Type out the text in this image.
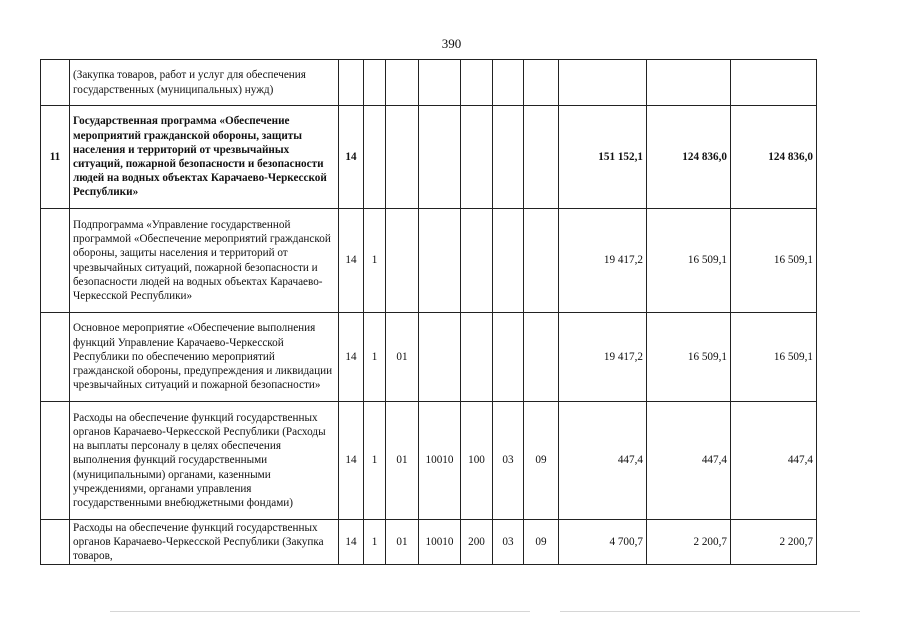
390
	(Закупка товаров, работ и услуг для обеспечения государственных (муниципальных) нужд)										
11	Государственная программа «Обеспечение мероприятий гражданской обороны, защиты населения и территорий от чрезвычайных ситуаций, пожарной безопасности и безопасности людей на водных объектах Карачаево-Черкесской Республики»	14							151 152,1	124 836,0	124 836,0
	Подпрограмма «Управление государственной программой «Обеспечение мероприятий гражданской обороны, защиты населения и территорий от чрезвычайных ситуаций, пожарной безопасности и безопасности людей на водных объектах Карачаево-Черкесской Республики»	14	1						19 417,2	16 509,1	16 509,1
	Основное мероприятие «Обеспечение выполнения функций Управление Карачаево-Черкесской Республики по обеспечению мероприятий гражданской обороны, предупреждения и ликвидации чрезвычайных ситуаций и пожарной безопасности»	14	1	01					19 417,2	16 509,1	16 509,1
	Расходы на обеспечение функций государственных органов Карачаево-Черкесской Республики (Расходы на выплаты персоналу в целях обеспечения выполнения функций государственными (муниципальными) органами, казенными учреждениями, органами управления государственными внебюджетными фондами)	14	1	01	10010	100	03	09	447,4	447,4	447,4
	Расходы на обеспечение функций государственных органов Карачаево-Черкесской Республики (Закупка товаров,	14	1	01	10010	200	03	09	4 700,7	2 200,7	2 200,7
